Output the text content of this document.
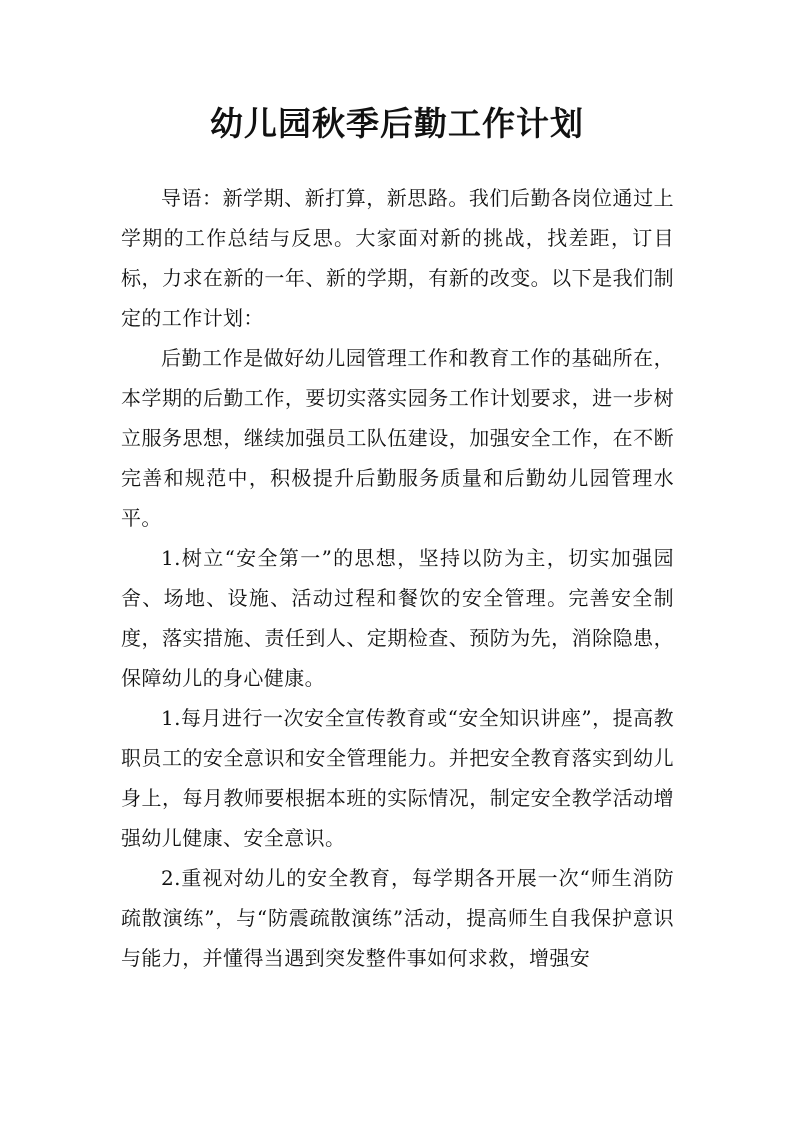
幼儿园秋季后勤工作计划

导语：新学期、新打算，新思路。我们后勤各岗位通过上学期的工作总结与反思。大家面对新的挑战，找差距，订目标，力求在新的一年、新的学期，有新的改变。以下是我们制定的工作计划：

后勤工作是做好幼儿园管理工作和教育工作的基础所在，本学期的后勤工作，要切实落实园务工作计划要求，进一步树立服务思想，继续加强员工队伍建设，加强安全工作，在不断完善和规范中，积极提升后勤服务质量和后勤幼儿园管理水平。

1.树立“安全第一”的思想，坚持以防为主，切实加强园舍、场地、设施、活动过程和餐饮的安全管理。完善安全制度，落实措施、责任到人、定期检查、预防为先，消除隐患，保障幼儿的身心健康。

1.每月进行一次安全宣传教育或“安全知识讲座”，提高教职员工的安全意识和安全管理能力。并把安全教育落实到幼儿身上，每月教师要根据本班的实际情况，制定安全教学活动增强幼儿健康、安全意识。

2.重视对幼儿的安全教育，每学期各开展一次“师生消防疏散演练”，与“防震疏散演练”活动，提高师生自我保护意识与能力，并懂得当遇到突发整件事如何求救，增强安
